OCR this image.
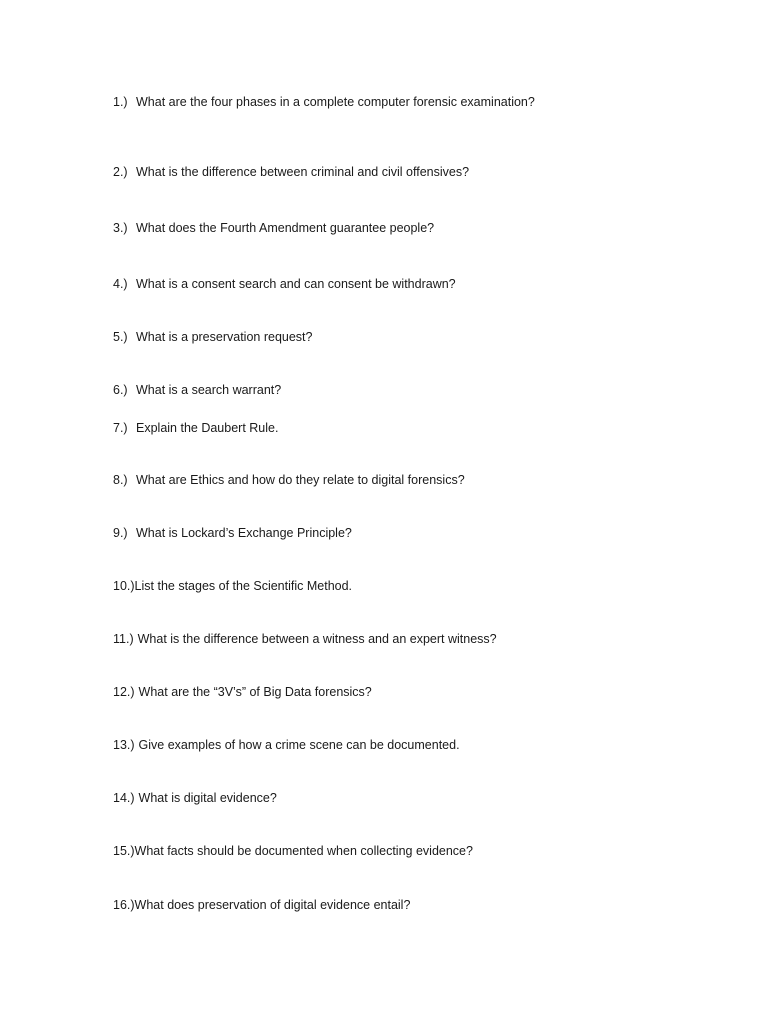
1.) What are the four phases in a complete computer forensic examination?
2.) What is the difference between criminal and civil offensives?
3.) What does the Fourth Amendment guarantee people?
4.) What is a consent search and can consent be withdrawn?
5.) What is a preservation request?
6.) What is a search warrant?
7.) Explain the Daubert Rule.
8.) What are Ethics and how do they relate to digital forensics?
9.) What is Lockard’s Exchange Principle?
10.)List the stages of the Scientific Method.
11.) What is the difference between a witness and an expert witness?
12.) What are the “3V’s” of Big Data forensics?
13.) Give examples of how a crime scene can be documented.
14.) What is digital evidence?
15.)What facts should be documented when collecting evidence?
16.)What does preservation of digital evidence entail?
